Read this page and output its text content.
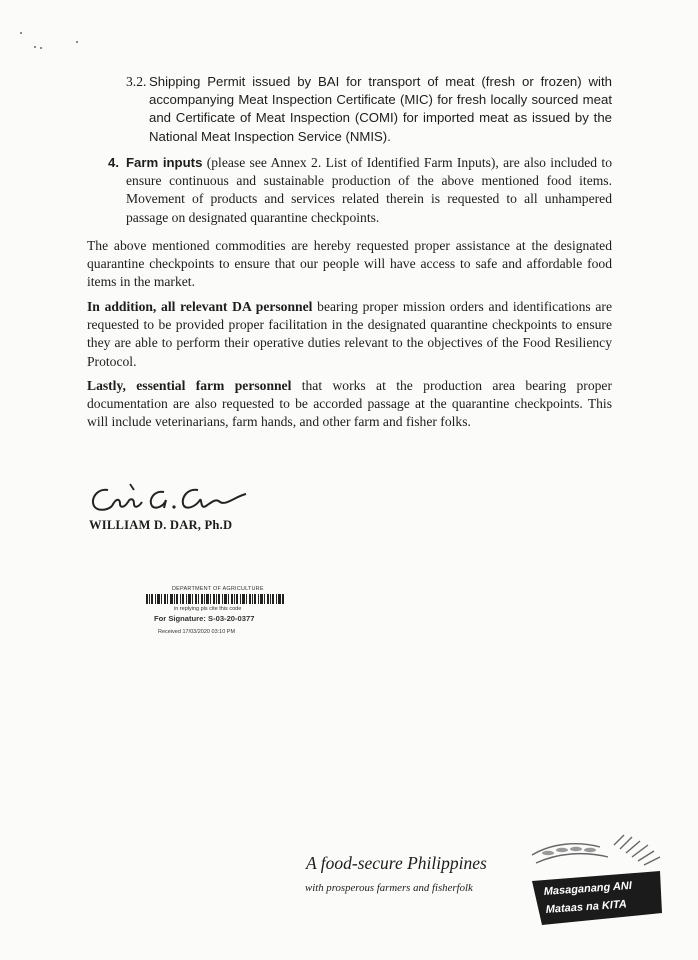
3.2. Shipping Permit issued by BAI for transport of meat (fresh or frozen) with accompanying Meat Inspection Certificate (MIC) for fresh locally sourced meat and Certificate of Meat Inspection (COMI) for imported meat as issued by the National Meat Inspection Service (NMIS).
4. Farm inputs (please see Annex 2. List of Identified Farm Inputs), are also included to ensure continuous and sustainable production of the above mentioned food items. Movement of products and services related therein is requested to all unhampered passage on designated quarantine checkpoints.
The above mentioned commodities are hereby requested proper assistance at the designated quarantine checkpoints to ensure that our people will have access to safe and affordable food items in the market.
In addition, all relevant DA personnel bearing proper mission orders and identifications are requested to be provided proper facilitation in the designated quarantine checkpoints to ensure they are able to perform their operative duties relevant to the objectives of the Food Resiliency Protocol.
Lastly, essential farm personnel that works at the production area bearing proper documentation are also requested to be accorded passage at the quarantine checkpoints. This will include veterinarians, farm hands, and other farm and fisher folks.
WILLIAM D. DAR, Ph.D
DEPARTMENT OF AGRICULTURE
in replying pls cite this code
For Signature: S-03-20-0377
Received 17/03/2020 03:10 PM
A food-secure Philippines
with prosperous farmers and fisherfolk	Masaganang ANI
Mataas na KITA
